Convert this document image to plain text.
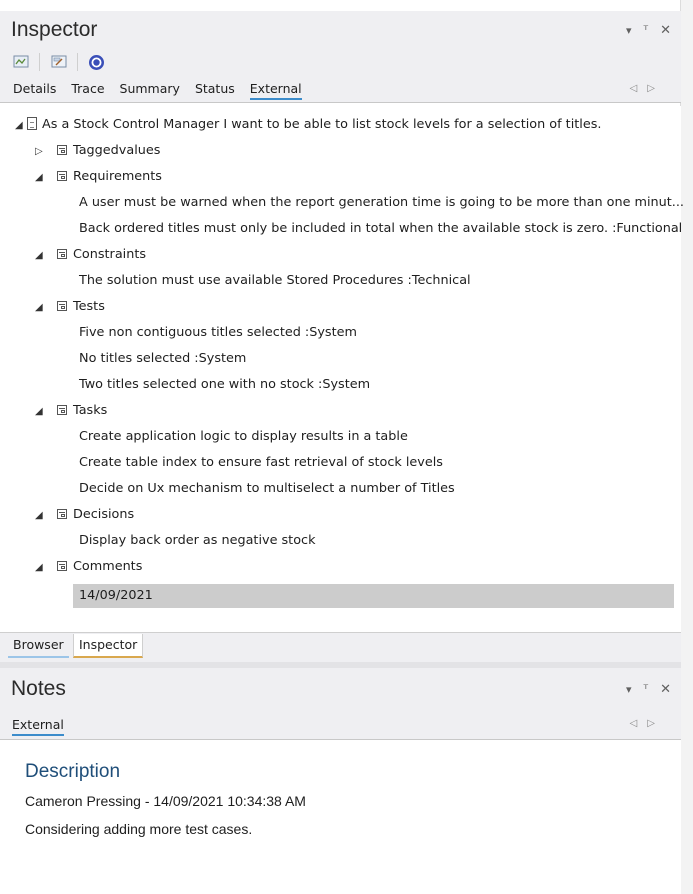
Inspector	▾ ᵀ ✕
Details Trace Summary Status External	◁▷
◢ As a Stock Control Manager I want to be able to list stock levels for a selection of titles.
▷ Taggedvalues
◢ Requirements
A user must be warned when the report generation time is going to be more than one minut...
Back ordered titles must only be included in total when the available stock is zero. :Functional
◢ Constraints
The solution must use available Stored Procedures :Technical
◢ Tests
Five non contiguous titles selected :System
No titles selected :System
Two titles selected one with no stock :System
◢ Tasks
Create application logic to display results in a table
Create table index to ensure fast retrieval of stock levels
Decide on Ux mechanism to multiselect a number of Titles
◢ Decisions
Display back order as negative stock
◢ Comments
14/09/2021
Browser	Inspector
Notes	▾ ᵀ ✕
External	◁▷
Description
Cameron Pressing - 14/09/2021 10:34:38 AM
Considering adding more test cases.
